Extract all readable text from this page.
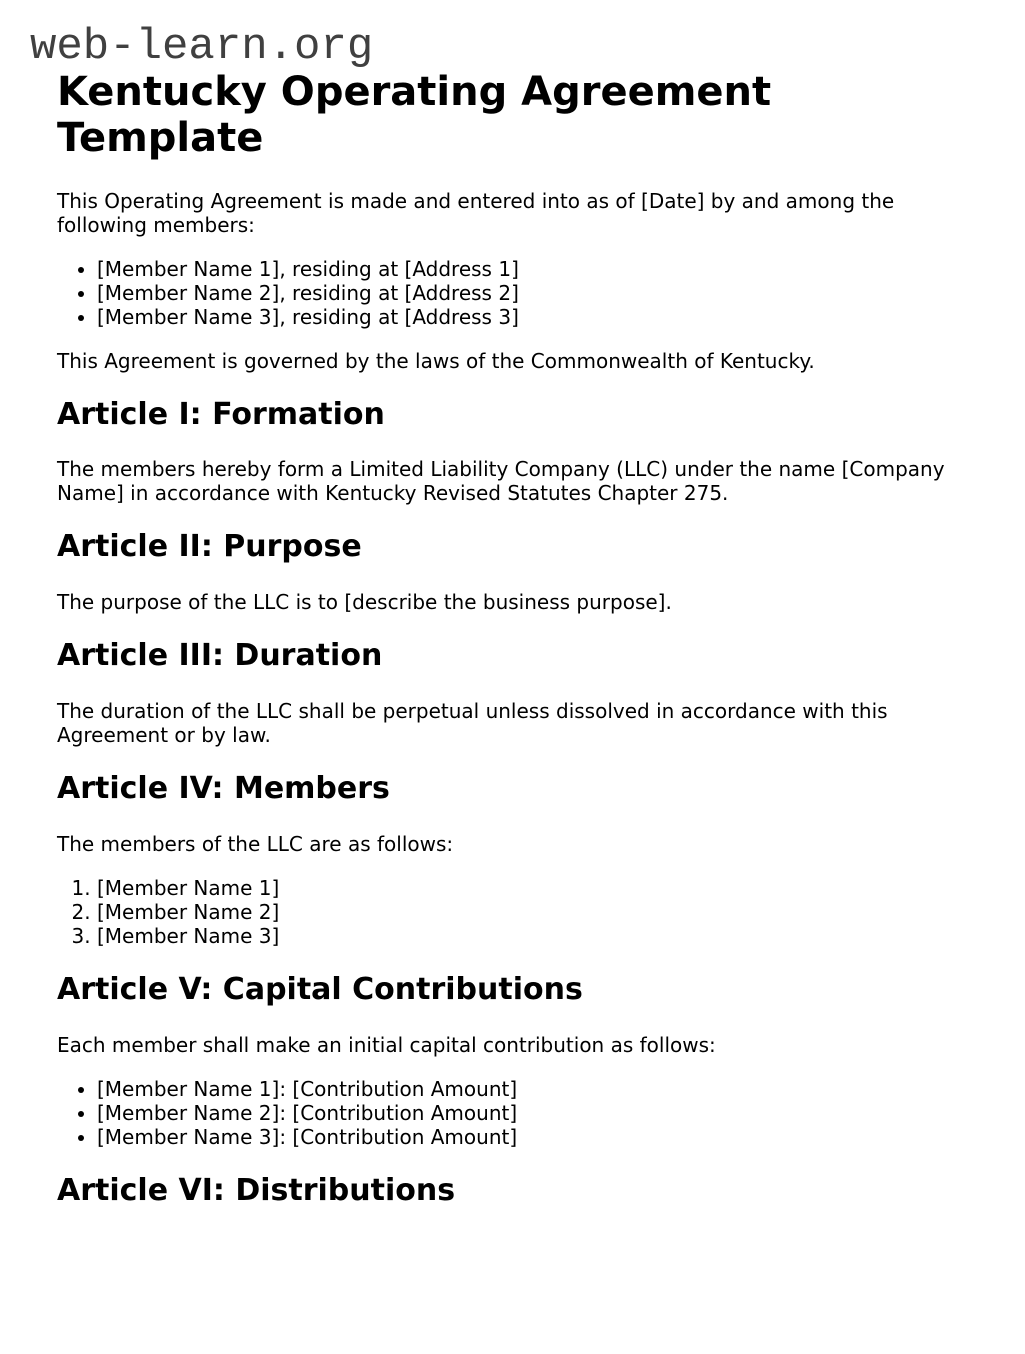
web-learn.org
Kentucky Operating Agreement Template

This Operating Agreement is made and entered into as of [Date] by and among the following members:

• [Member Name 1], residing at [Address 1]
• [Member Name 2], residing at [Address 2]
• [Member Name 3], residing at [Address 3]

This Agreement is governed by the laws of the Commonwealth of Kentucky.

Article I: Formation

The members hereby form a Limited Liability Company (LLC) under the name [Company Name] in accordance with Kentucky Revised Statutes Chapter 275.

Article II: Purpose

The purpose of the LLC is to [describe the business purpose].

Article III: Duration

The duration of the LLC shall be perpetual unless dissolved in accordance with this Agreement or by law.

Article IV: Members

The members of the LLC are as follows:

1. [Member Name 1]
2. [Member Name 2]
3. [Member Name 3]
Article V: Capital Contributions

Each member shall make an initial capital contribution as follows:

• [Member Name 1]: [Contribution Amount]
• [Member Name 2]: [Contribution Amount]
• [Member Name 3]: [Contribution Amount]
Article VI: Distributions
